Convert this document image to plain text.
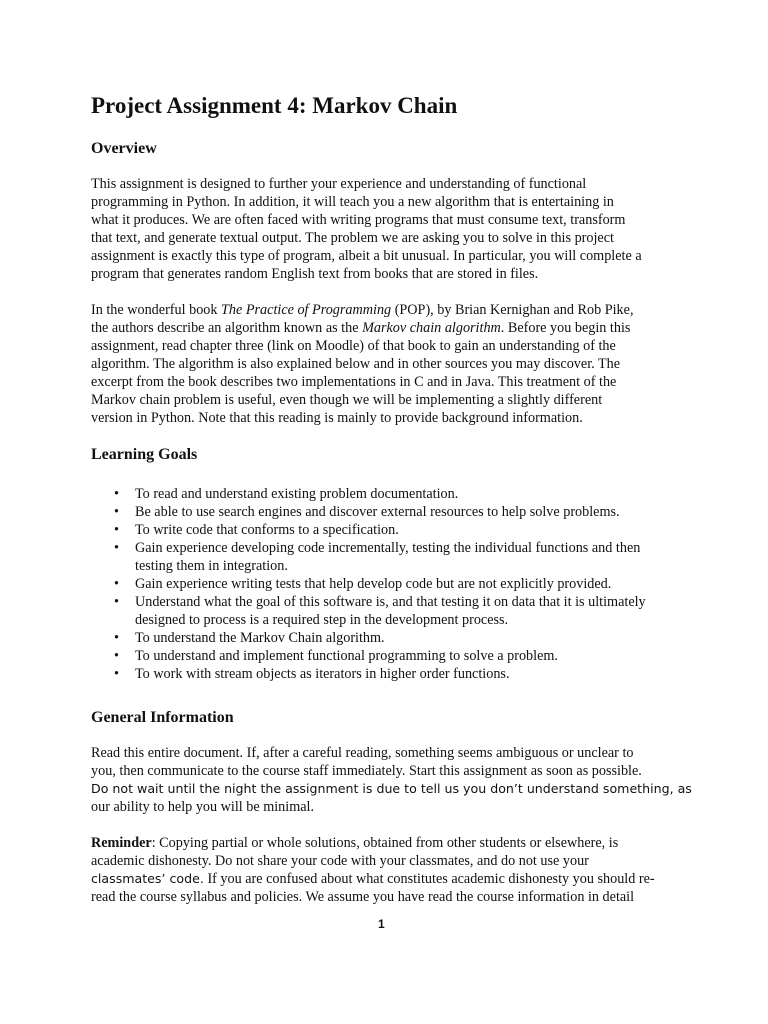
Project Assignment 4: Markov Chain
Overview
This assignment is designed to further your experience and understanding of functional
programming in Python. In addition, it will teach you a new algorithm that is entertaining in
what it produces. We are often faced with writing programs that must consume text, transform
that text, and generate textual output. The problem we are asking you to solve in this project
assignment is exactly this type of program, albeit a bit unusual. In particular, you will complete a
program that generates random English text from books that are stored in files.
In the wonderful book The Practice of Programming (POP), by Brian Kernighan and Rob Pike,
the authors describe an algorithm known as the Markov chain algorithm. Before you begin this
assignment, read chapter three (link on Moodle) of that book to gain an understanding of the
algorithm. The algorithm is also explained below and in other sources you may discover. The
excerpt from the book describes two implementations in C and in Java. This treatment of the
Markov chain problem is useful, even though we will be implementing a slightly different
version in Python. Note that this reading is mainly to provide background information.
Learning Goals
• To read and understand existing problem documentation.
• Be able to use search engines and discover external resources to help solve problems.
• To write code that conforms to a specification.
• Gain experience developing code incrementally, testing the individual functions and then
testing them in integration.
• Gain experience writing tests that help develop code but are not explicitly provided.
• Understand what the goal of this software is, and that testing it on data that it is ultimately
designed to process is a required step in the development process.
• To understand the Markov Chain algorithm.
• To understand and implement functional programming to solve a problem.
• To work with stream objects as iterators in higher order functions.
General Information
Read this entire document. If, after a careful reading, something seems ambiguous or unclear to
you, then communicate to the course staff immediately. Start this assignment as soon as possible.
Do not wait until the night the assignment is due to tell us you don’t understand something, as
our ability to help you will be minimal.
Reminder: Copying partial or whole solutions, obtained from other students or elsewhere, is
academic dishonesty. Do not share your code with your classmates, and do not use your
classmates’ code. If you are confused about what constitutes academic dishonesty you should re-
read the course syllabus and policies. We assume you have read the course information in detail
1
